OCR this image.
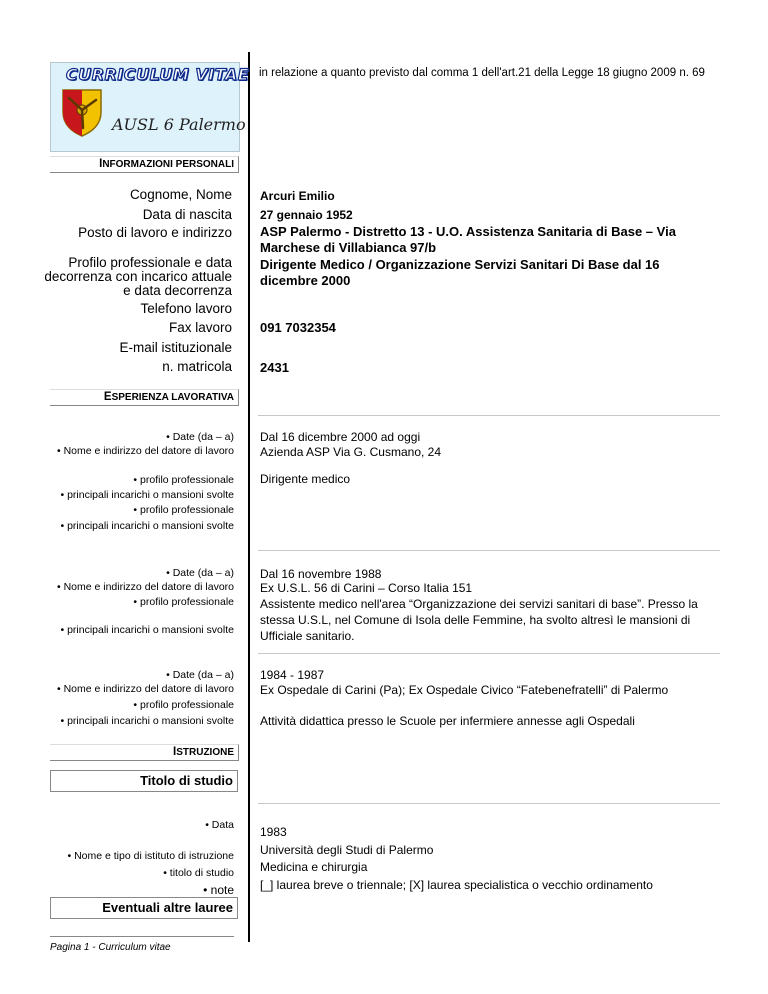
CURRICULUM VITAE
AUSL 6 Palermo
in relazione a quanto previsto dal comma 1 dell'art.21 della Legge 18 giugno 2009 n. 69
INFORMAZIONI PERSONALI
Cognome, Nome Arcuri Emilio
Data di nascita 27 gennaio 1952
Posto di lavoro e indirizzo ASP Palermo - Distretto 13 - U.O. Assistenza Sanitaria di Base – Via Marchese di Villabianca 97/b
Profilo professionale e data decorrenza con incarico attuale e data decorrenza
Dirigente Medico / Organizzazione Servizi Sanitari Di Base dal 16 dicembre 2000
Telefono lavoro
Fax lavoro 091 7032354
E-mail istituzionale
n. matricola 2431
ESPERIENZA LAVORATIVA
• Date (da – a)
• Nome e indirizzo del datore di lavoro
Dal 16 dicembre 2000 ad oggi
Azienda ASP Via G. Cusmano, 24
• profilo professionale Dirigente medico
• principali incarichi o mansioni svolte
• profilo professionale
• principali incarichi o mansioni svolte
• Date (da – a)
• Nome e indirizzo del datore di lavoro
• profilo professionale
• principali incarichi o mansioni svolte
Dal 16 novembre 1988
Ex U.S.L. 56 di Carini – Corso Italia 151
Assistente medico nell'area “Organizzazione dei servizi sanitari di base”. Presso la stessa U.S.L, nel Comune di Isola delle Femmine, ha svolto altresì le mansioni di Ufficiale sanitario.
• Date (da – a)
• Nome e indirizzo del datore di lavoro
• profilo professionale
• principali incarichi o mansioni svolte
1984 - 1987
Ex Ospedale di Carini (Pa); Ex Ospedale Civico “Fatebenefratelli” di Palermo
Attività didattica presso le Scuole per infermiere annesse agli Ospedali
ISTRUZIONE
Titolo di studio
• Data
• Nome e tipo di istituto di istruzione
• titolo di studio
• note
1983
Università degli Studi di Palermo
Medicina e chirurgia
[_] laurea breve o triennale; [X] laurea specialistica o vecchio ordinamento
Eventuali altre lauree
Pagina 1 - Curriculum vitae
